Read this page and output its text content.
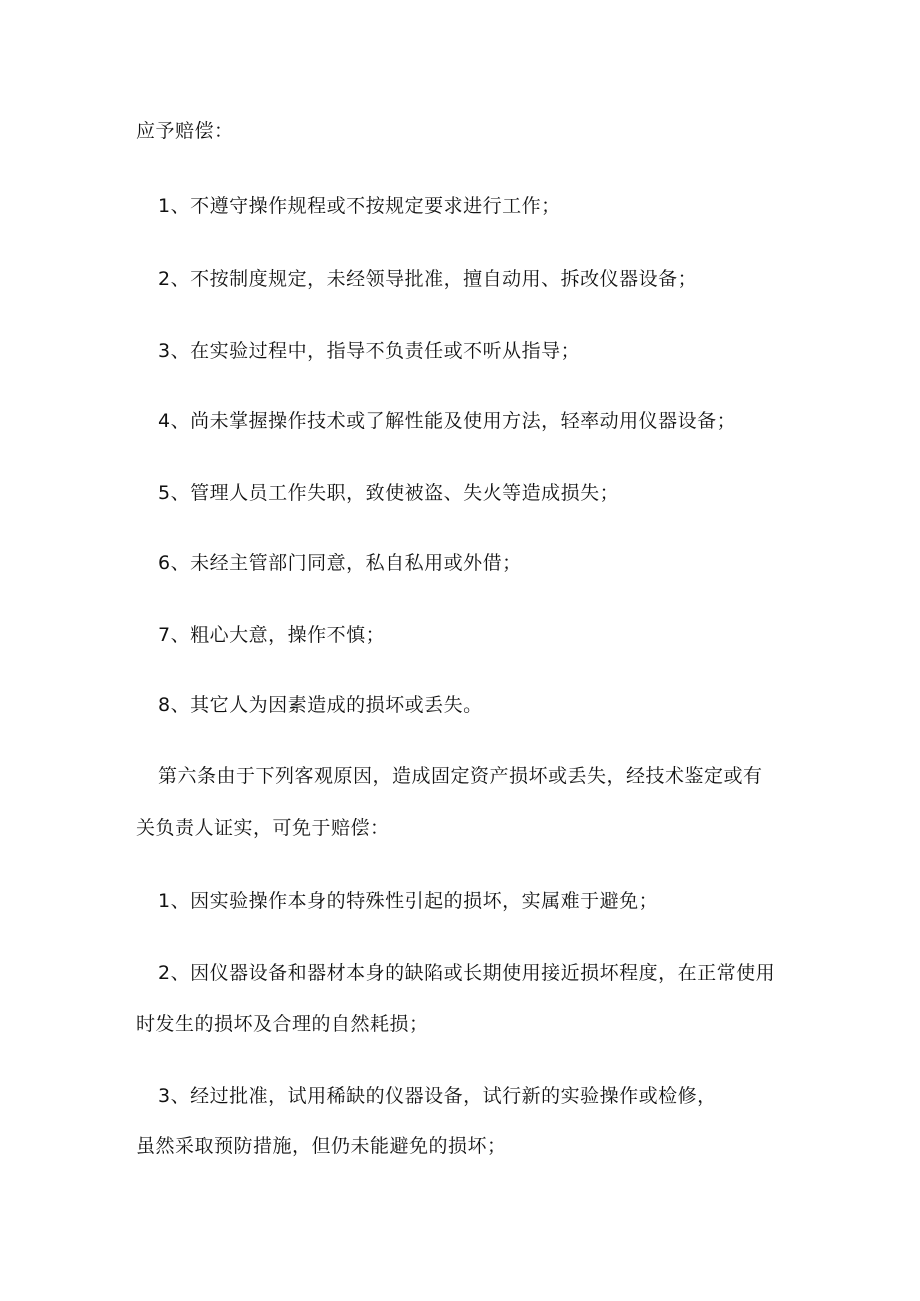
应予赔偿：
1、不遵守操作规程或不按规定要求进行工作；
2、不按制度规定，未经领导批准，擅自动用、拆改仪器设备；
3、在实验过程中，指导不负责任或不听从指导；
4、尚未掌握操作技术或了解性能及使用方法，轻率动用仪器设备；
5、管理人员工作失职，致使被盗、失火等造成损失；
6、未经主管部门同意，私自私用或外借；
7、粗心大意，操作不慎；
8、其它人为因素造成的损坏或丢失。
第六条由于下列客观原因，造成固定资产损坏或丢失，经技术鉴定或有
关负责人证实，可免于赔偿：
1、因实验操作本身的特殊性引起的损坏，实属难于避免；
2、因仪器设备和器材本身的缺陷或长期使用接近损坏程度，在正常使用
时发生的损坏及合理的自然耗损；
3、经过批准，试用稀缺的仪器设备，试行新的实验操作或检修，
虽然采取预防措施，但仍未能避免的损坏；
